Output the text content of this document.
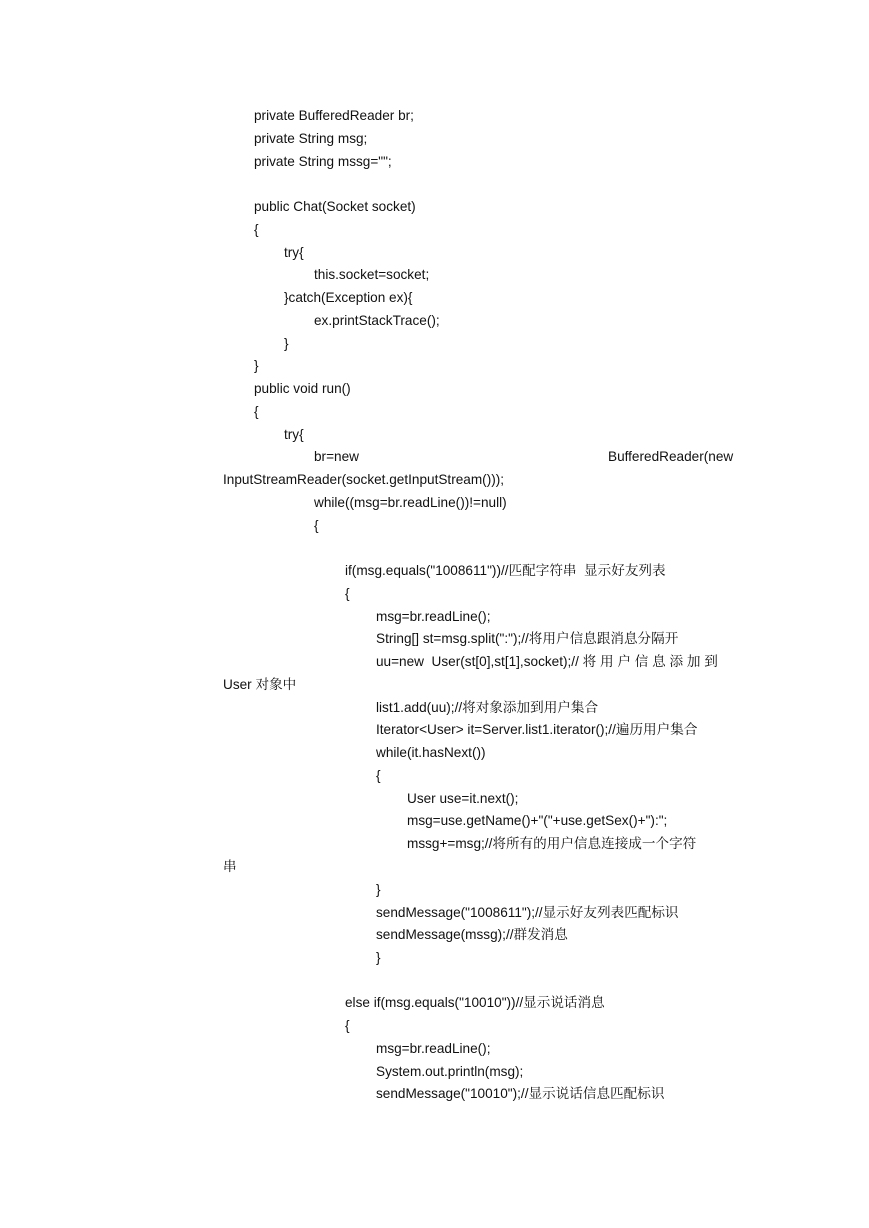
private BufferedReader br;
private String msg;
private String mssg="";
public Chat(Socket socket)
{
try{
this.socket=socket;
}catch(Exception ex){
ex.printStackTrace();
}
}
public void run()
{
try{
br=new	BufferedReader(new
InputStreamReader(socket.getInputStream()));
while((msg=br.readLine())!=null)
{
if(msg.equals("1008611"))//匹配字符串  显示好友列表
{
msg=br.readLine();
String[] st=msg.split(":");//将用户信息跟消息分隔开
uu=new  User(st[0],st[1],socket);// 将 用 户 信 息 添 加 到
User 对象中
list1.add(uu);//将对象添加到用户集合
Iterator<User> it=Server.list1.iterator();//遍历用户集合
while(it.hasNext())
{
User use=it.next();
msg=use.getName()+"("+use.getSex()+"):";
mssg+=msg;//将所有的用户信息连接成一个字符
串
}
sendMessage("1008611");//显示好友列表匹配标识
sendMessage(mssg);//群发消息
}
else if(msg.equals("10010"))//显示说话消息
{
msg=br.readLine();
System.out.println(msg);
sendMessage("10010");//显示说话信息匹配标识
